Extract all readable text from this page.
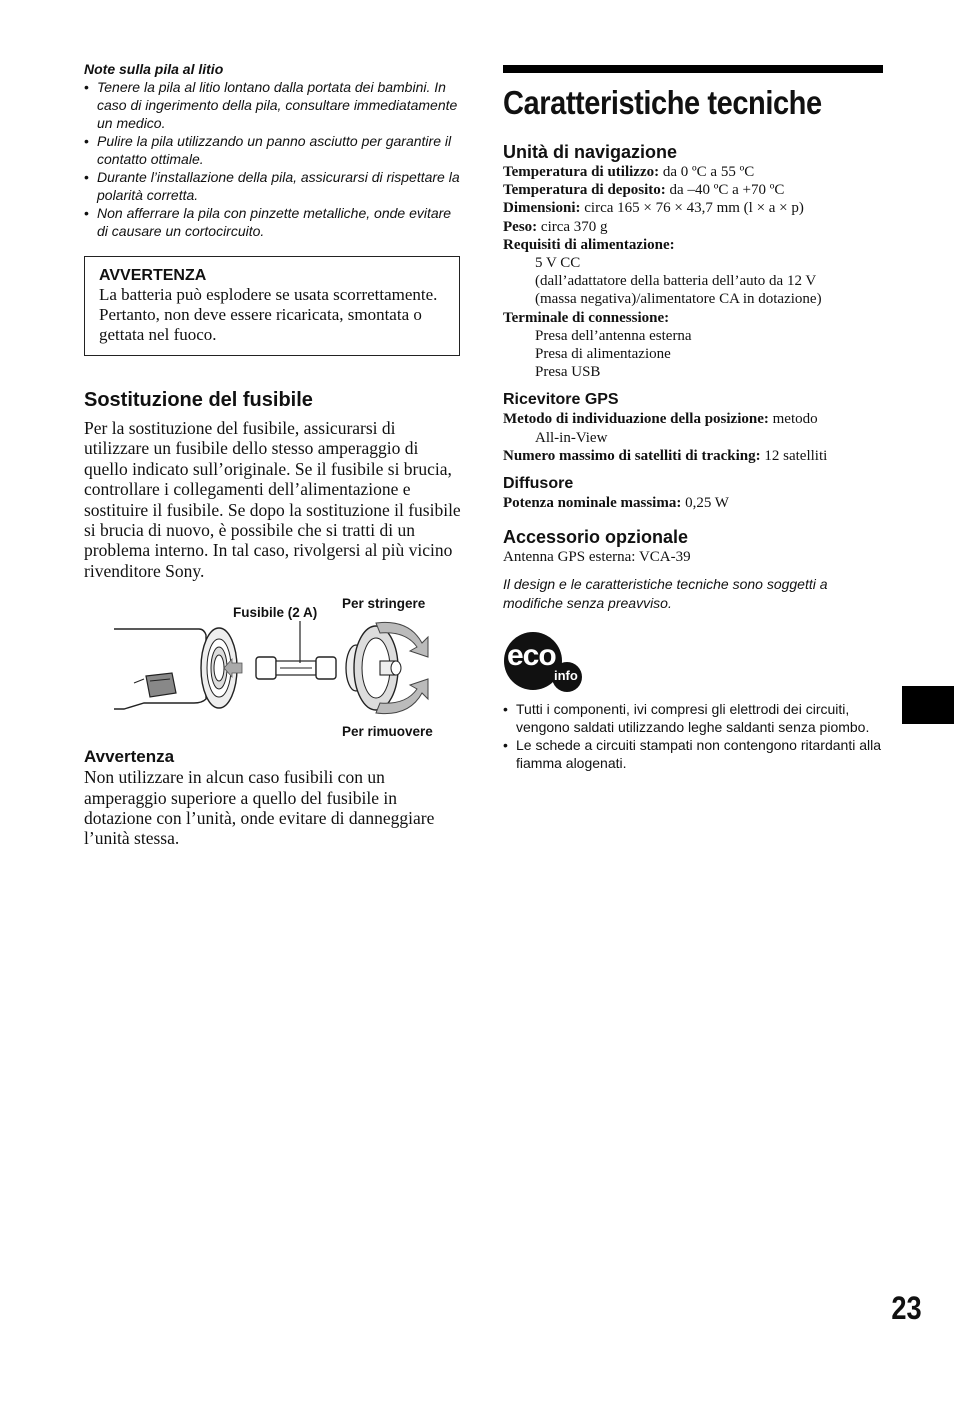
Note sulla pila al litio

• Tenere la pila al litio lontano dalla portata dei bambini. In caso di ingerimento della pila, consultare immediatamente un medico.
• Pulire la pila utilizzando un panno asciutto per garantire il contatto ottimale.
• Durante l’installazione della pila, assicurarsi di rispettare la polarità corretta.
• Non afferrare la pila con pinzette metalliche, onde evitare di causare un cortocircuito.
AVVERTENZA
La batteria può esplodere se usata scorrettamente. Pertanto, non deve essere ricaricata, smontata o gettata nel fuoco.
Sostituzione del fusibile

Per la sostituzione del fusibile, assicurarsi di utilizzare un fusibile dello stesso amperaggio di quello indicato sull’originale. Se il fusibile si brucia, controllare i collegamenti dell’alimentazione e sostituire il fusibile. Se dopo la sostituzione il fusibile si brucia di nuovo, è possibile che si tratti di un problema interno. In tal caso, rivolgersi al più vicino rivenditore Sony.

Fusibile (2 A)
Per stringere
Per rimuovere
Avvertenza

Non utilizzare in alcun caso fusibili con un amperaggio superiore a quello del fusibile in dotazione con l’unità, onde evitare di danneggiare l’unità stessa.

Caratteristiche tecniche
Unità di navigazione

Temperatura di utilizzo: da 0 ºC a 55 ºC

Temperatura di deposito: da –40 ºC a +70 ºC

Dimensioni: circa 165 × 76 × 43,7 mm (l × a × p)

Peso: circa 370 g

Requisiti di alimentazione:

5 V CC

(dall’adattatore della batteria dell’auto da 12 V

(massa negativa)/alimentatore CA in dotazione)

Terminale di connessione:

Presa dell’antenna esterna

Presa di alimentazione

Presa USB

Ricevitore GPS

Metodo di individuazione della posizione: metodo

All-in-View

Numero massimo di satelliti di tracking: 12 satelliti

Diffusore

Potenza nominale massima: 0,25 W

Accessorio opzionale

Antenna GPS esterna: VCA-39

Il design e le caratteristiche tecniche sono soggetti a modifiche senza preavviso.

eco
info
• Tutti i componenti, ivi compresi gli elettrodi dei circuiti, vengono saldati utilizzando leghe saldanti senza piombo.
• Le schede a circuiti stampati non contengono ritardanti alla fiamma alogenati.
23
